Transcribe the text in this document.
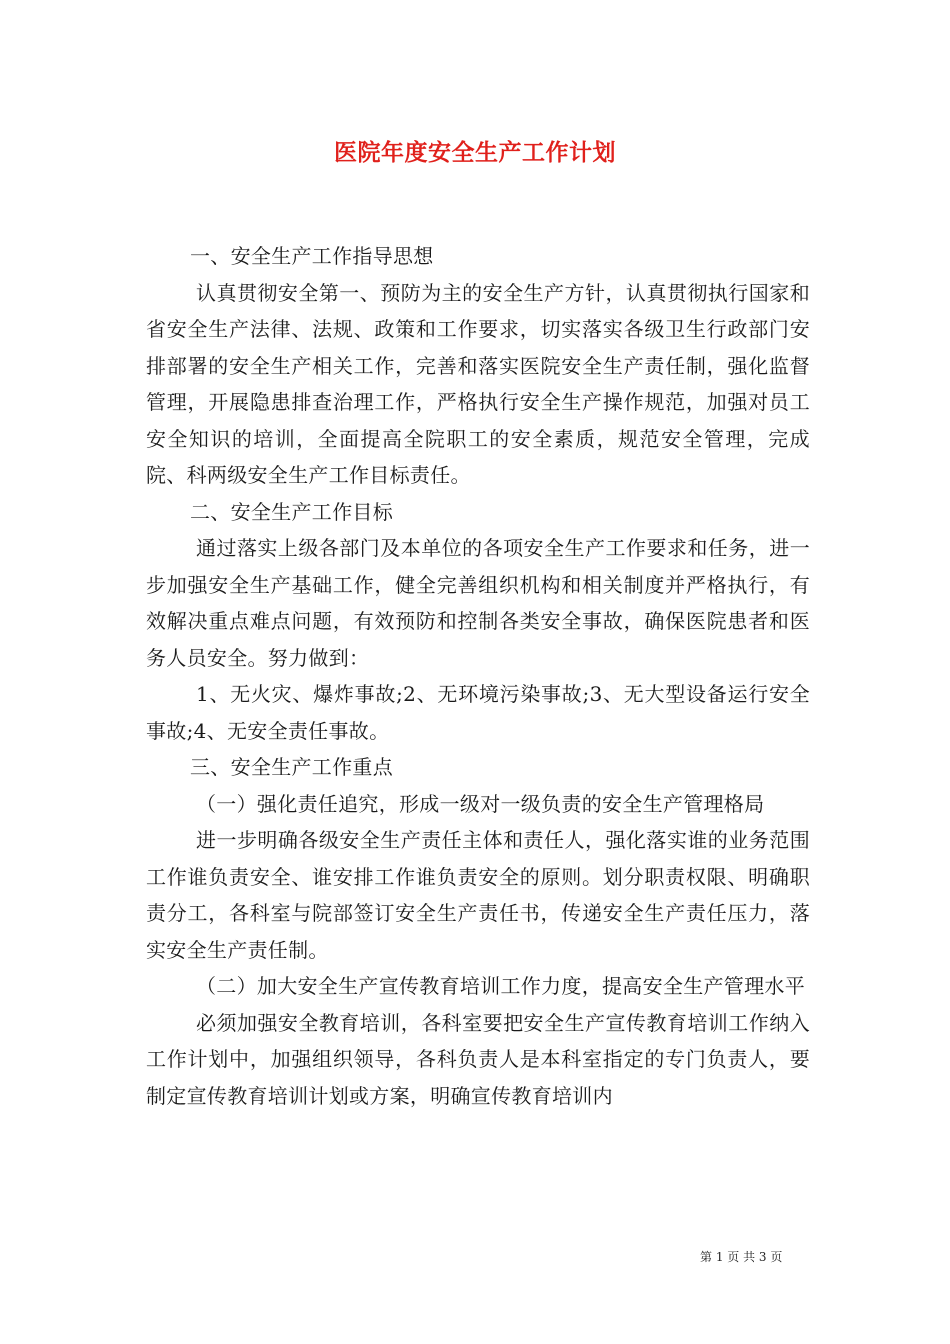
医院年度安全生产工作计划

一、安全生产工作指导思想

认真贯彻安全第一、预防为主的安全生产方针，认真贯彻执行国家和省安全生产法律、法规、政策和工作要求，切实落实各级卫生行政部门安排部署的安全生产相关工作，完善和落实医院安全生产责任制，强化监督管理，开展隐患排查治理工作，严格执行安全生产操作规范，加强对员工安全知识的培训，全面提高全院职工的安全素质，规范安全管理，完成院、科两级安全生产工作目标责任。

二、安全生产工作目标

通过落实上级各部门及本单位的各项安全生产工作要求和任务，进一步加强安全生产基础工作，健全完善组织机构和相关制度并严格执行，有效解决重点难点问题，有效预防和控制各类安全事故，确保医院患者和医务人员安全。努力做到：

1、无火灾、爆炸事故;2、无环境污染事故;3、无大型设备运行安全事故;4、无安全责任事故。

三、安全生产工作重点

（一）强化责任追究，形成一级对一级负责的安全生产管理格局

进一步明确各级安全生产责任主体和责任人，强化落实谁的业务范围工作谁负责安全、谁安排工作谁负责安全的原则。划分职责权限、明确职责分工，各科室与院部签订安全生产责任书，传递安全生产责任压力，落实安全生产责任制。

（二）加大安全生产宣传教育培训工作力度，提高安全生产管理水平

必须加强安全教育培训，各科室要把安全生产宣传教育培训工作纳入工作计划中，加强组织领导，各科负责人是本科室指定的专门负责人，要制定宣传教育培训计划或方案，明确宣传教育培训内

第 1 页 共 3 页
